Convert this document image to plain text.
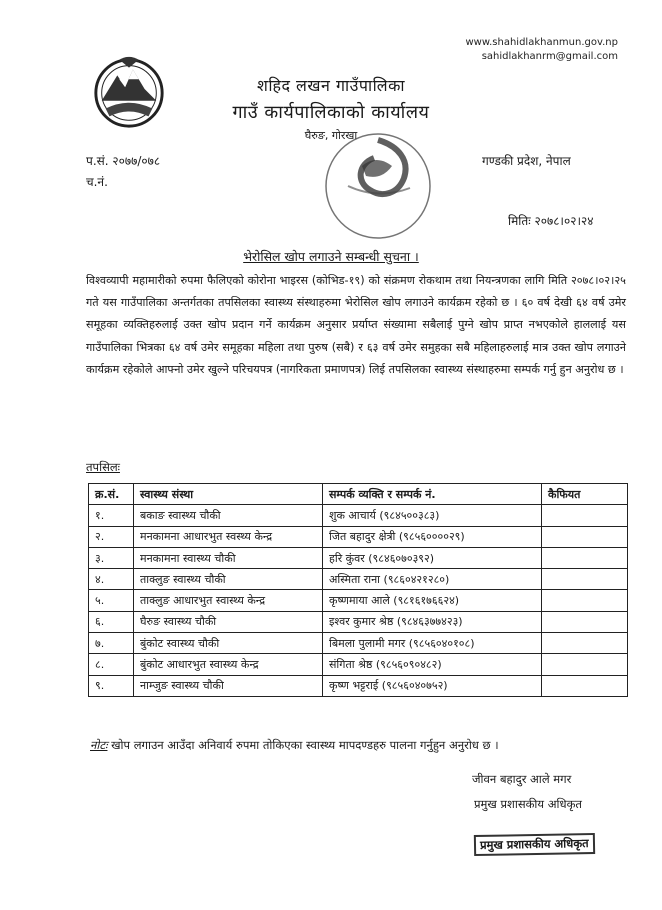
www.shahidlakhanmun.gov.np
sahidlakhanrm@gmail.com
शहिद लखन गाउँपालिका
गाउँ कार्यपालिकाको कार्यालय
घैरुङ, गोरखा
प.सं. २०७७/०७८
च.नं.
गण्डकी प्रदेश, नेपाल
मितिः २०७८।०२।२४
भेरोसिल खोप लगाउने सम्बन्धी सुचना ।
विश्वव्यापी महामारीको रुपमा फैलिएको कोरोना भाइरस (कोभिड-१९) को संक्रमण रोकथाम तथा नियन्त्रणका लागि मिति २०७८।०२।२५ गते यस गाउँपालिका अन्तर्गतका तपसिलका स्वास्थ्य संस्थाहरुमा भेरोसिल खोप लगाउने कार्यक्रम रहेको छ । ६० वर्ष देखी ६४ वर्ष उमेर समूहका व्यक्तिहरुलाई उक्त खोप प्रदान गर्ने कार्यक्रम अनुसार प्रर्याप्त संख्यामा सबैलाई पुग्ने खोप प्राप्त नभएकोले हाललाई यस गाउँपालिका भित्रका ६४ वर्ष उमेर समूहका महिला तथा पुरुष (सबै) र ६३ वर्ष उमेर समुहका सबै महिलाहरुलाई मात्र उक्त खोप लगाउने कार्यक्रम रहेकोले आफ्नो उमेर खुल्ने परिचयपत्र (नागरिकता प्रमाणपत्र) लिई तपसिलका स्वास्थ्य संस्थाहरुमा सम्पर्क गर्नु हुन अनुरोध छ ।
तपसिलः
क्र.सं.	स्वास्थ्य संस्था	सम्पर्क व्यक्ति र सम्पर्क नं.	कैफियत
१.	बकाङ स्वास्थ्य चौकी	शुक आचार्य (९८४५००३८३)	
२.	मनकामना आधारभुत स्वस्थ्य केन्द्र	जित बहादुर क्षेत्री (९८५६००००२९)	
३.	मनकामना स्वास्थ्य चौकी	हरि कुंवर (९८४६०७०३९२)	
४.	ताक्लुङ स्वास्थ्य चौकी	अस्मिता राना (९८६०४२१२८०)	
५.	ताक्लुङ आधारभुत स्वास्थ्य केन्द्र	कृष्णमाया आले (९८१६१७६६२४)	
६.	घैरुङ स्वास्थ्य चौकी	इश्वर कुमार श्रेष्ठ (९८४६३७७४२३)	
७.	बुंकोट स्वास्थ्य चौकी	बिमला पुलामी मगर (९८५६०४०१०८)	
८.	बुंकोट आधारभुत स्वास्थ्य केन्द्र	संगिता श्रेष्ठ (९८५६०९०४८२)	
९.	नाम्जुङ स्वास्थ्य चौकी	कृष्ण भट्टराई (९८५६०४०७५२)	
नोटः खोप लगाउन आउँदा अनिवार्य रुपमा तोकिएका स्वास्थ्य मापदण्डहरु पालना गर्नुहुन अनुरोध छ ।
जीवन बहादुर आले मगर
प्रमुख प्रशासकीय अधिकृत
प्रमुख प्रशासकीय अधिकृत
